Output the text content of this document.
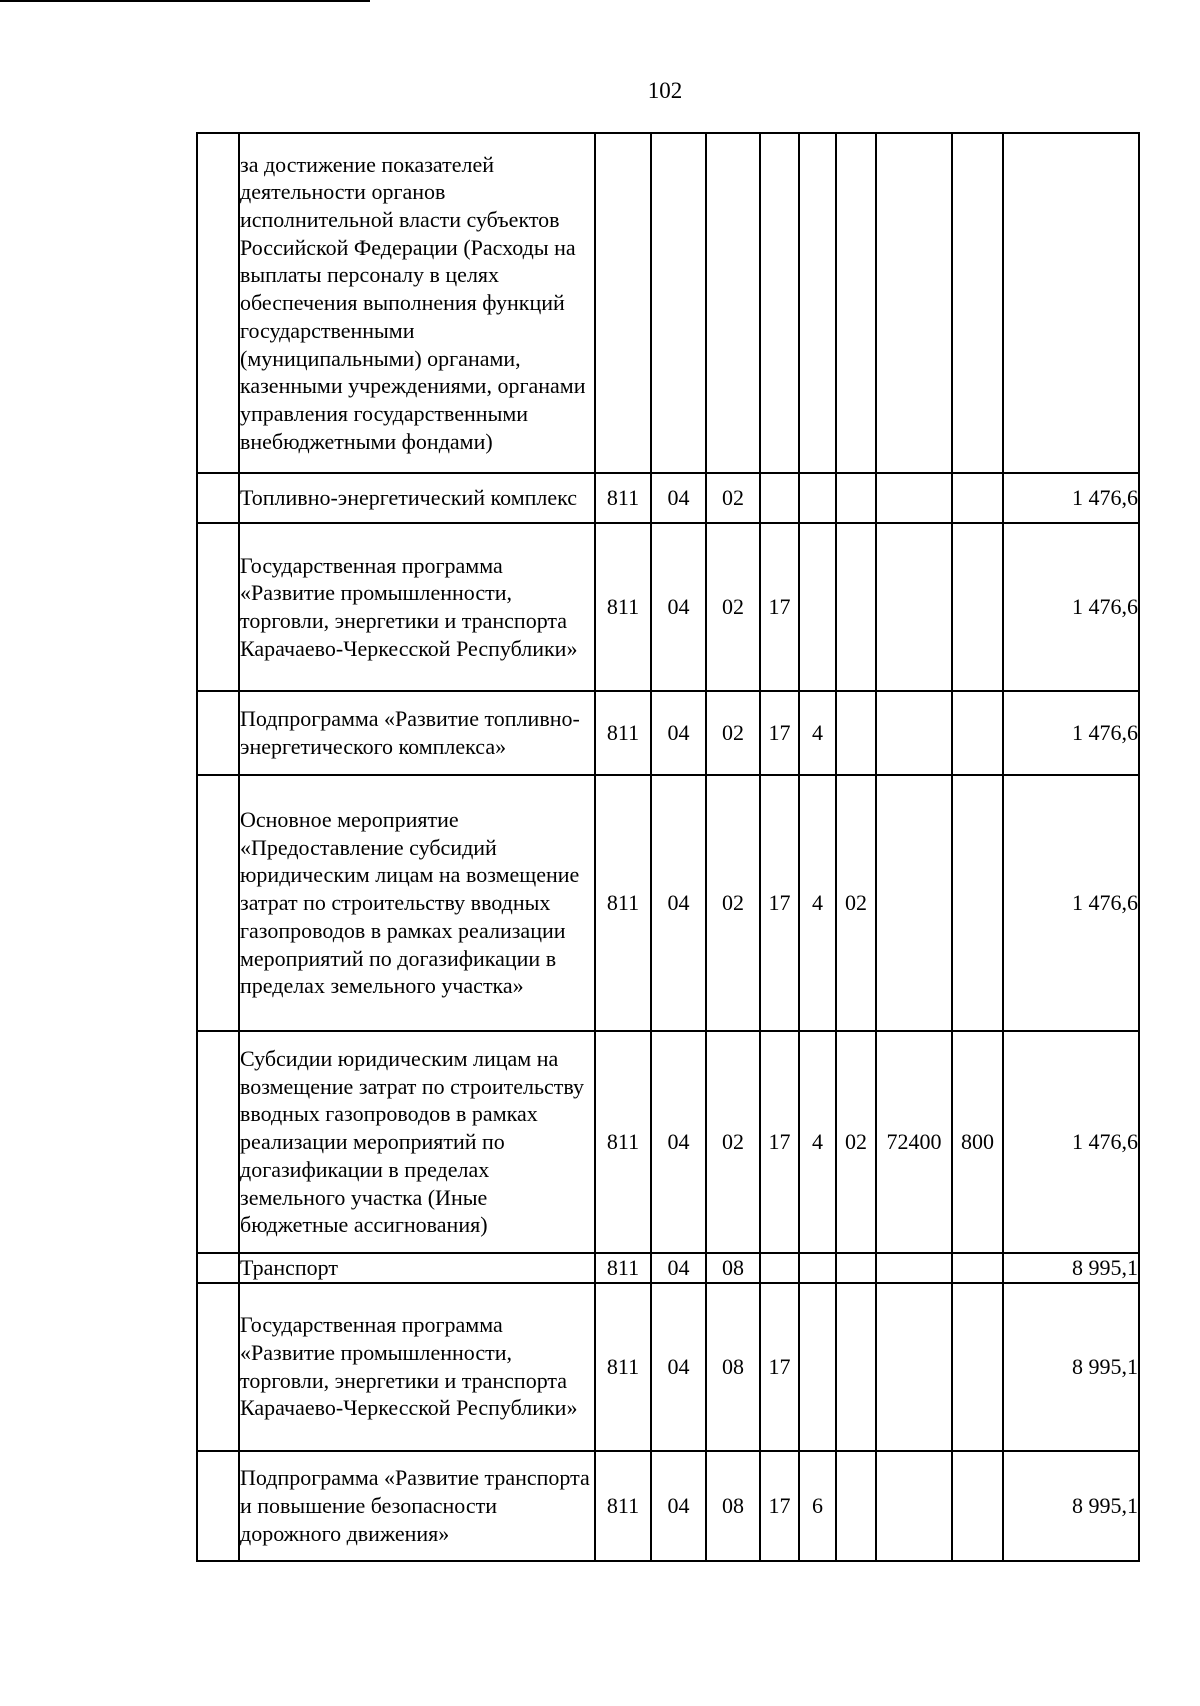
102
	за достижение показателей деятельности органов исполнительной власти субъектов Российской Федерации (Расходы на выплаты персоналу в целях обеспечения выполнения функций государственными (муниципальными) органами, казенными учреждениями, органами управления государственными внебюджетными фондами)									
	Топливно-энергетический комплекс	811	04	02						1 476,6
	Государственная программа «Развитие промышленности, торговли, энергетики и транспорта Карачаево-Черкесской Республики»	811	04	02	17					1 476,6
	Подпрограмма «Развитие топливно-энергетического комплекса»	811	04	02	17	4				1 476,6
	Основное мероприятие «Предоставление субсидий юридическим лицам на возмещение затрат по строительству вводных газопроводов в рамках реализации мероприятий по догазификации в пределах земельного участка»	811	04	02	17	4	02			1 476,6
	Субсидии юридическим лицам на возмещение затрат по строительству вводных газопроводов в рамках реализации мероприятий по догазификации в пределах земельного участка (Иные бюджетные ассигнования)	811	04	02	17	4	02	72400	800	1 476,6
	Транспорт	811	04	08						8 995,1
	Государственная программа «Развитие промышленности, торговли, энергетики и транспорта Карачаево-Черкесской Республики»	811	04	08	17					8 995,1
	Подпрограмма «Развитие транспорта и повышение безопасности дорожного движения»	811	04	08	17	6				8 995,1
